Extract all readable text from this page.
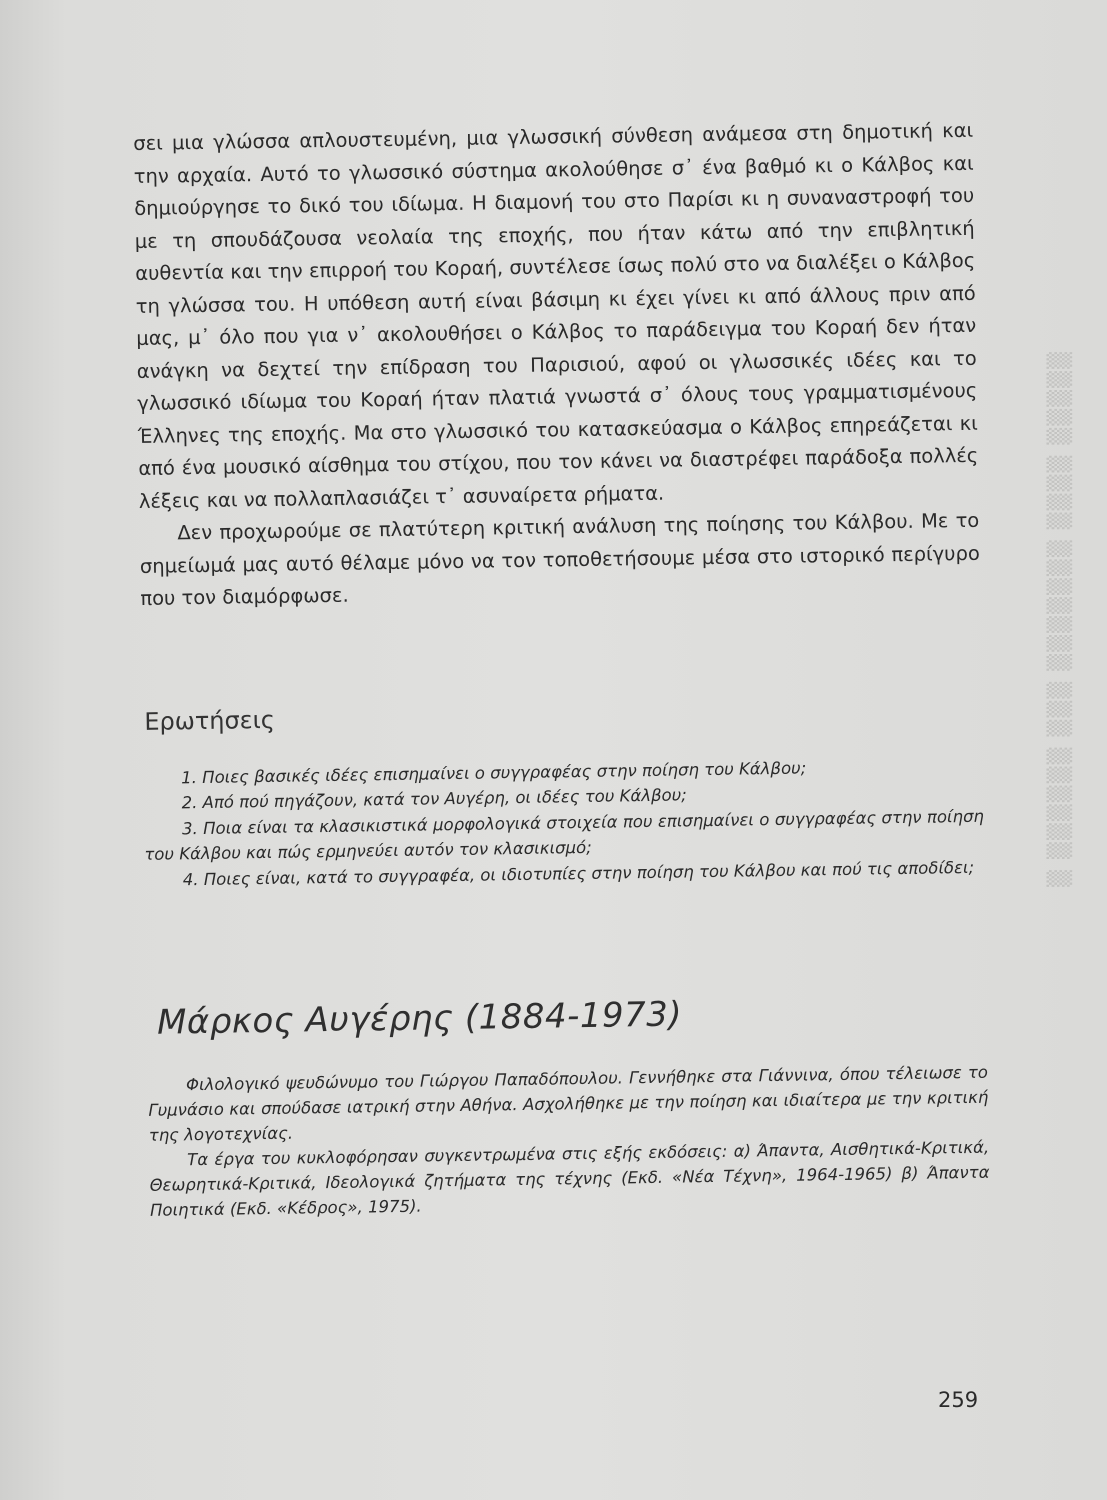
▒ ▒▒▒▒▒▒ ▒▒▒ ▒▒▒▒▒▒▒ ▒▒▒▒ ▒▒▒▒▒

σει μια γλώσσα απλουστευμένη, μια γλωσσική σύνθεση ανάμεσα στη δημοτική και την αρχαία. Αυτό το γλωσσικό σύστημα ακολούθησε σ᾽ ένα βαθμό κι ο Κάλβος και δημιούργησε το δικό του ιδίωμα. Η διαμονή του στο Παρίσι κι η συναναστροφή του με τη σπουδάζουσα νεολαία της εποχής, που ήταν κάτω από την επιβλητική αυθεντία και την επιρροή του Κοραή, συντέλεσε ίσως πολύ στο να διαλέξει ο Κάλβος τη γλώσσα του. Η υπόθεση αυτή είναι βάσιμη κι έχει γίνει κι από άλλους πριν από μας, μ᾽ όλο που για ν᾽ ακολουθήσει ο Κάλβος το παράδειγμα του Κοραή δεν ήταν ανάγκη να δεχτεί την επίδραση του Παρισιού, αφού οι γλωσσικές ιδέες και το γλωσσικό ιδίωμα του Κοραή ήταν πλατιά γνωστά σ᾽ όλους τους γραμματισμένους Έλληνες της εποχής. Μα στο γλωσσικό του κατασκεύασμα ο Κάλβος επηρεάζεται κι από ένα μουσικό αίσθημα του στίχου, που τον κάνει να διαστρέφει παράδοξα πολλές λέξεις και να πολλαπλασιάζει τ᾽ ασυναίρετα ρήματα.

Δεν προχωρούμε σε πλατύτερη κριτική ανάλυση της ποίησης του Κάλβου. Με το σημείωμά μας αυτό θέλαμε μόνο να τον τοποθετήσουμε μέσα στο ιστορικό περίγυρο που τον διαμόρφωσε.

Ερωτήσεις
1. Ποιες βασικές ιδέες επισημαίνει ο συγγραφέας στην ποίηση του Κάλβου;
2. Από πού πηγάζουν, κατά τον Αυγέρη, οι ιδέες του Κάλβου;
3. Ποια είναι τα κλασικιστικά μορφολογικά στοιχεία που επισημαίνει ο συγγραφέας στην ποίηση του Κάλβου και πώς ερμηνεύει αυτόν τον κλασικισμό;
4. Ποιες είναι, κατά το συγγραφέα, οι ιδιοτυπίες στην ποίηση του Κάλβου και πού τις αποδίδει;
Μάρκος Αυγέρης (1884-1973)

Φιλολογικό ψευδώνυμο του Γιώργου Παπαδόπουλου. Γεννήθηκε στα Γιάννινα, όπου τέλειωσε το Γυμνάσιο και σπούδασε ιατρική στην Αθήνα. Ασχολήθηκε με την ποίηση και ιδιαίτερα με την κριτική της λογοτεχνίας.

Τα έργα του κυκλοφόρησαν συγκεντρωμένα στις εξής εκδόσεις: α) Άπαντα, Αισθητικά-Κριτικά, Θεωρητικά-Κριτικά, Ιδεολογικά ζητήματα της τέχνης (Εκδ. «Νέα Τέχνη», 1964-1965) β) Άπαντα Ποιητικά (Εκδ. «Κέδρος», 1975).

259
